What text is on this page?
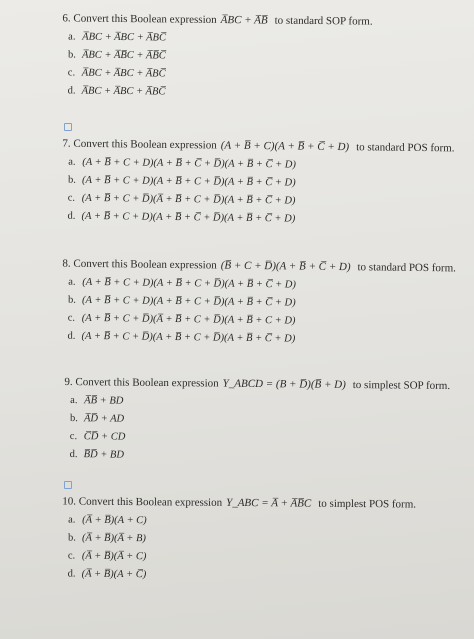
6.
Convert this Boolean expression A̅BC + A̅B̅ to standard SOP form.
a. A̅BC + A̅BC + A̅BC̅
b. A̅BC + A̅B̅C + A̅B̅C̅
c. A̅BC + A̅BC + A̅BC̅
d. A̅BC + A̅BC + A̅BC̅
7.
Convert this Boolean expression (A + B̅ + C)(A + B̅ + C̅ + D) to standard POS form.
a. (A + B̅ + C + D)(A + B̅ + C̅ + D̅)(A + B̅ + C̅ + D)
b. (A + B̅ + C + D)(A + B̅ + C + D̅)(A + B̅ + C̅ + D)
c. (A + B̅ + C + D̅)(A̅ + B̅ + C + D̅)(A + B̅ + C̅ + D)
d. (A + B̅ + C + D)(A + B̅ + C̅ + D̅)(A + B̅ + C̅ + D)
8.
Convert this Boolean expression (B̅ + C + D̅)(A + B̅ + C̅ + D) to standard POS form.
a. (A + B̅ + C + D)(A + B̅ + C + D̅)(A + B̅ + C̅ + D)
b. (A + B̅ + C + D)(A + B̅ + C + D̅)(A + B̅ + C̅ + D)
c. (A + B̅ + C + D̅)(A̅ + B̅ + C + D̅)(A + B̅ + C + D)
d. (A + B̅ + C + D̅)(A + B̅ + C + D̅)(A + B̅ + C̅ + D)
9.
Convert this Boolean expression Y_ABCD = (B + D̅)(B̅ + D) to simplest SOP form.
a. A̅B̅ + BD
b. A̅D̅ + AD
c. C̅D̅ + CD
d. B̅D̅ + BD
10.
Convert this Boolean expression Y_ABC = A̅ + A̅B̅C to simplest POS form.
a. (A̅ + B̅)(A + C)
b. (A̅ + B̅)(A̅ + B)
c. (A̅ + B̅)(A̅ + C)
d. (A̅ + B̅)(A + C̅)
